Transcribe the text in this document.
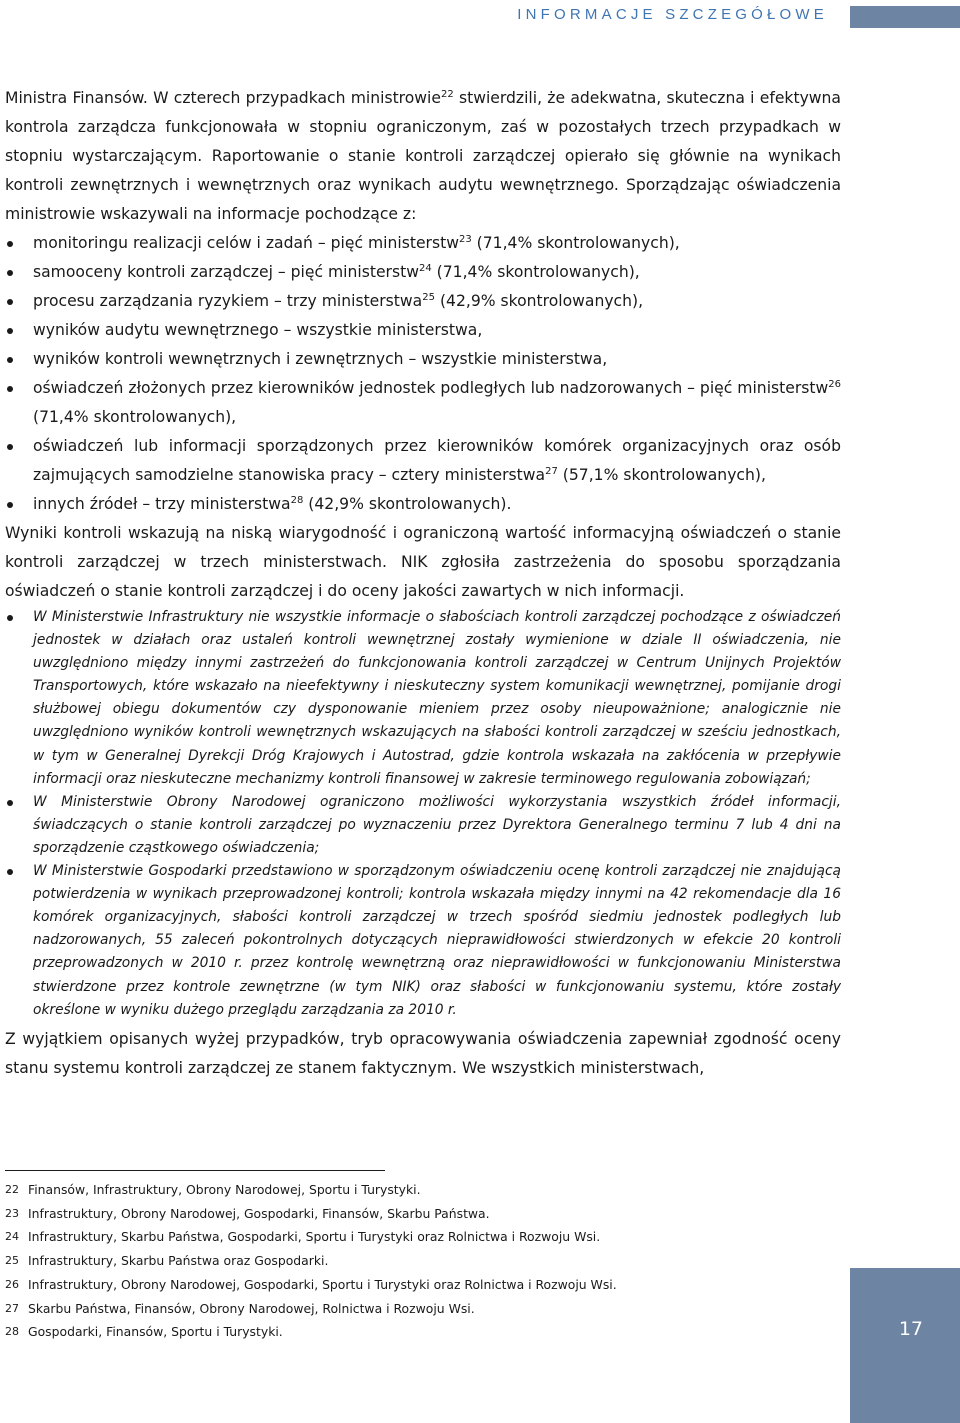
INFORMACJE SZCZEGÓŁOWE

Ministra Finansów. W czterech przypadkach ministrowie$^{22}$ stwierdzili, że adekwatna, skuteczna i efektywna kontrola zarządcza funkcjonowała w stopniu ograniczonym, zaś w pozostałych trzech przypadkach w stopniu wystarczającym. Raportowanie o stanie kontroli zarządczej opierało się głównie na wynikach kontroli zewnętrznych i wewnętrznych oraz wynikach audytu wewnętrznego. Sporządzając oświadczenia ministrowie wskazywali na informacje pochodzące z:

monitoringu realizacji celów i zadań – pięć ministerstw$^{23}$ (71,4% skontrolowanych),
samooceny kontroli zarządczej – pięć ministerstw$^{24}$ (71,4% skontrolowanych),
procesu zarządzania ryzykiem – trzy ministerstwa$^{25}$ (42,9% skontrolowanych),
wyników audytu wewnętrznego – wszystkie ministerstwa,
wyników kontroli wewnętrznych i zewnętrznych – wszystkie ministerstwa,
oświadczeń złożonych przez kierowników jednostek podległych lub nadzorowanych – pięć ministerstw$^{26}$ (71,4% skontrolowanych),
oświadczeń lub informacji sporządzonych przez kierowników komórek organizacyjnych oraz osób zajmujących samodzielne stanowiska pracy – cztery ministerstwa$^{27}$ (57,1% skontrolowanych),
innych źródeł – trzy ministerstwa$^{28}$ (42,9% skontrolowanych).

Wyniki kontroli wskazują na niską wiarygodność i ograniczoną wartość informacyjną oświadczeń o stanie kontroli zarządczej w trzech ministerstwach. NIK zgłosiła zastrzeżenia do sposobu sporządzania oświadczeń o stanie kontroli zarządczej i do oceny jakości zawartych w nich informacji.

W Ministerstwie Infrastruktury nie wszystkie informacje o słabościach kontroli zarządczej pochodzące z oświadczeń jednostek w działach oraz ustaleń kontroli wewnętrznej zostały wymienione w dziale II oświadczenia, nie uwzględniono między innymi zastrzeżeń do funkcjonowania kontroli zarządczej w Centrum Unijnych Projektów Transportowych, które wskazało na nieefektywny i nieskuteczny system komunikacji wewnętrznej, pomijanie drogi służbowej obiegu dokumentów czy dysponowanie mieniem przez osoby nieupoważnione; analogicznie nie uwzględniono wyników kontroli wewnętrznych wskazujących na słabości kontroli zarządczej w sześciu jednostkach, w tym w Generalnej Dyrekcji Dróg Krajowych i Autostrad, gdzie kontrola wskazała na zakłócenia w przepływie informacji oraz nieskuteczne mechanizmy kontroli finansowej w zakresie terminowego regulowania zobowiązań;
W Ministerstwie Obrony Narodowej ograniczono możliwości wykorzystania wszystkich źródeł informacji, świadczących o stanie kontroli zarządczej po wyznaczeniu przez Dyrektora Generalnego terminu 7 lub 4 dni na sporządzenie cząstkowego oświadczenia;
W Ministerstwie Gospodarki przedstawiono w sporządzonym oświadczeniu ocenę kontroli zarządczej nie znajdującą potwierdzenia w wynikach przeprowadzonej kontroli; kontrola wskazała między innymi na 42 rekomendacje dla 16 komórek organizacyjnych, słabości kontroli zarządczej w trzech spośród siedmiu jednostek podległych lub nadzorowanych, 55 zaleceń pokontrolnych dotyczących nieprawidłowości stwierdzonych w efekcie 20 kontroli przeprowadzonych w 2010 r. przez kontrolę wewnętrzną oraz nieprawidłowości w funkcjonowaniu Ministerstwa stwierdzone przez kontrole zewnętrzne (w tym NIK) oraz słabości w funkcjonowaniu systemu, które zostały określone w wyniku dużego przeglądu zarządzania za 2010 r.

Z wyjątkiem opisanych wyżej przypadków, tryb opracowywania oświadczenia zapewniał zgodność oceny stanu systemu kontroli zarządczej ze stanem faktycznym. We wszystkich ministerstwach,

22 Finansów, Infrastruktury, Obrony Narodowej, Sportu i Turystyki.
23 Infrastruktury, Obrony Narodowej, Gospodarki, Finansów, Skarbu Państwa.
24 Infrastruktury, Skarbu Państwa, Gospodarki, Sportu i Turystyki oraz Rolnictwa i Rozwoju Wsi.
25 Infrastruktury, Skarbu Państwa oraz Gospodarki.
26 Infrastruktury, Obrony Narodowej, Gospodarki, Sportu i Turystyki oraz Rolnictwa i Rozwoju Wsi.
27 Skarbu Państwa, Finansów, Obrony Narodowej, Rolnictwa i Rozwoju Wsi.
28 Gospodarki, Finansów, Sportu i Turystyki.	17
